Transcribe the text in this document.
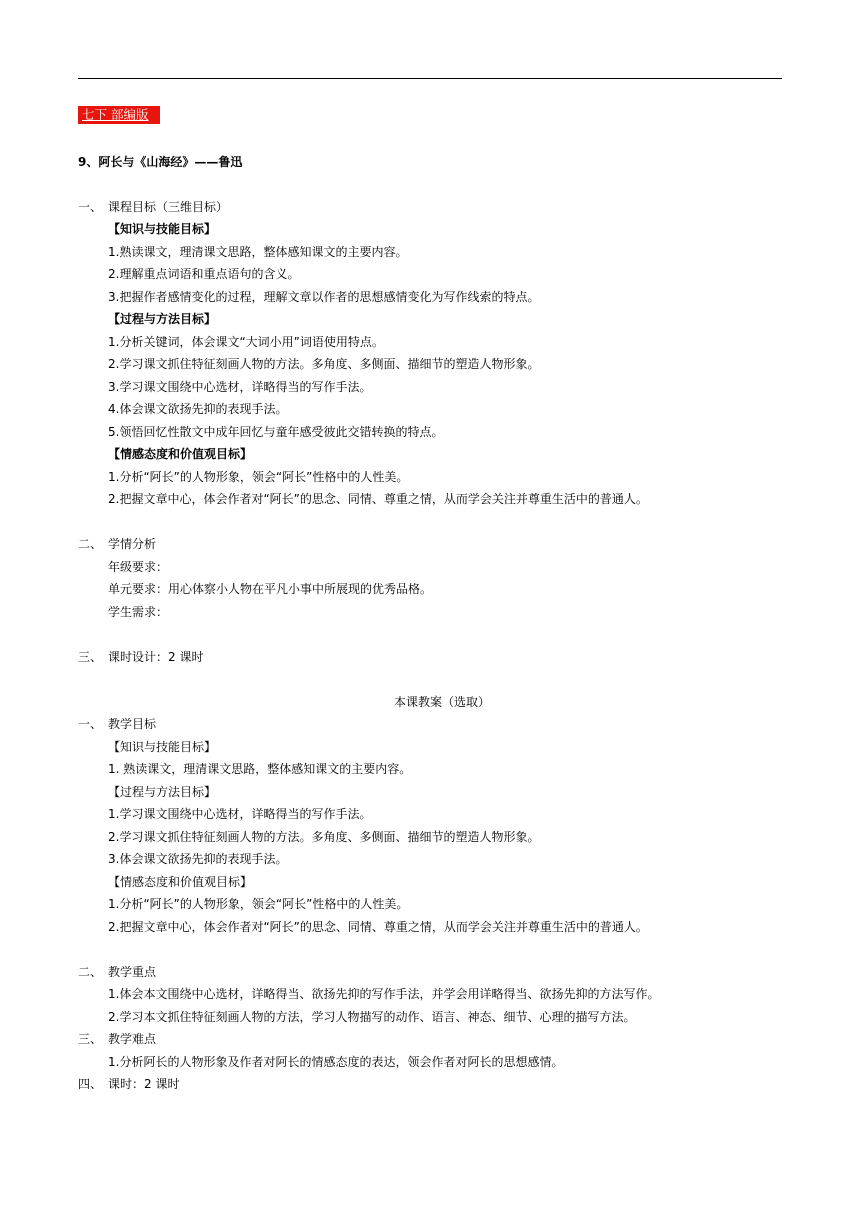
七下 部编版
9、阿长与《山海经》——鲁迅
一、 课程目标（三维目标）
【知识与技能目标】
1.熟读课文，理清课文思路，整体感知课文的主要内容。
2.理解重点词语和重点语句的含义。
3.把握作者感情变化的过程，理解文章以作者的思想感情变化为写作线索的特点。
【过程与方法目标】
1.分析关键词，体会课文“大词小用”词语使用特点。
2.学习课文抓住特征刻画人物的方法。多角度、多侧面、描细节的塑造人物形象。
3.学习课文围绕中心选材，详略得当的写作手法。
4.体会课文欲扬先抑的表现手法。
5.领悟回忆性散文中成年回忆与童年感受彼此交错转换的特点。
【情感态度和价值观目标】
1.分析“阿长”的人物形象，领会“阿长”性格中的人性美。
2.把握文章中心，体会作者对“阿长”的思念、同情、尊重之情，从而学会关注并尊重生活中的普通人。
二、 学情分析
年级要求：
单元要求：用心体察小人物在平凡小事中所展现的优秀品格。
学生需求：
三、 课时设计：2 课时
本课教案（选取）
一、 教学目标
【知识与技能目标】
1. 熟读课文，理清课文思路，整体感知课文的主要内容。
【过程与方法目标】
1.学习课文围绕中心选材，详略得当的写作手法。
2.学习课文抓住特征刻画人物的方法。多角度、多侧面、描细节的塑造人物形象。
3.体会课文欲扬先抑的表现手法。
【情感态度和价值观目标】
1.分析“阿长”的人物形象，领会“阿长”性格中的人性美。
2.把握文章中心，体会作者对“阿长”的思念、同情、尊重之情，从而学会关注并尊重生活中的普通人。
二、 教学重点
1.体会本文围绕中心选材，详略得当、欲扬先抑的写作手法，并学会用详略得当、欲扬先抑的方法写作。
2.学习本文抓住特征刻画人物的方法，学习人物描写的动作、语言、神态、细节、心理的描写方法。
三、 教学难点
1.分析阿长的人物形象及作者对阿长的情感态度的表达，领会作者对阿长的思想感情。
四、 课时：2 课时
